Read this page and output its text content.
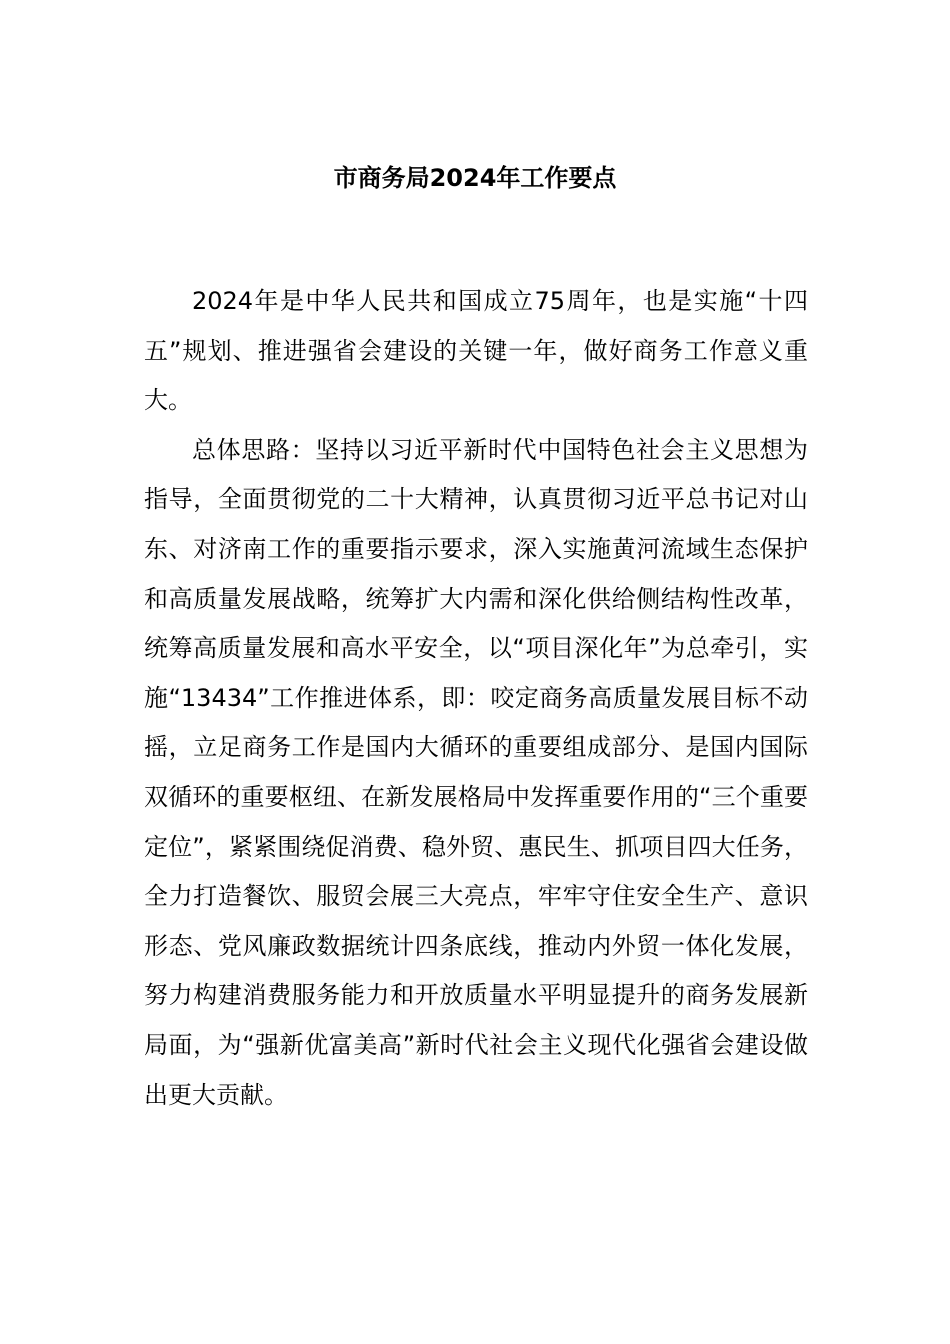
市商务局2024年工作要点

2024年是中华人民共和国成立75周年，也是实施“十四五”规划、推进强省会建设的关键一年，做好商务工作意义重大。

总体思路：坚持以习近平新时代中国特色社会主义思想为指导，全面贯彻党的二十大精神，认真贯彻习近平总书记对山东、对济南工作的重要指示要求，深入实施黄河流域生态保护和高质量发展战略，统筹扩大内需和深化供给侧结构性改革，统筹高质量发展和高水平安全，以“项目深化年”为总牵引，实施“13434”工作推进体系，即：咬定商务高质量发展目标不动摇，立足商务工作是国内大循环的重要组成部分、是国内国际双循环的重要枢纽、在新发展格局中发挥重要作用的“三个重要定位”，紧紧围绕促消费、稳外贸、惠民生、抓项目四大任务，全力打造餐饮、服贸会展三大亮点，牢牢守住安全生产、意识形态、党风廉政数据统计四条底线，推动内外贸一体化发展，努力构建消费服务能力和开放质量水平明显提升的商务发展新局面，为“强新优富美高”新时代社会主义现代化强省会建设做出更大贡献。
